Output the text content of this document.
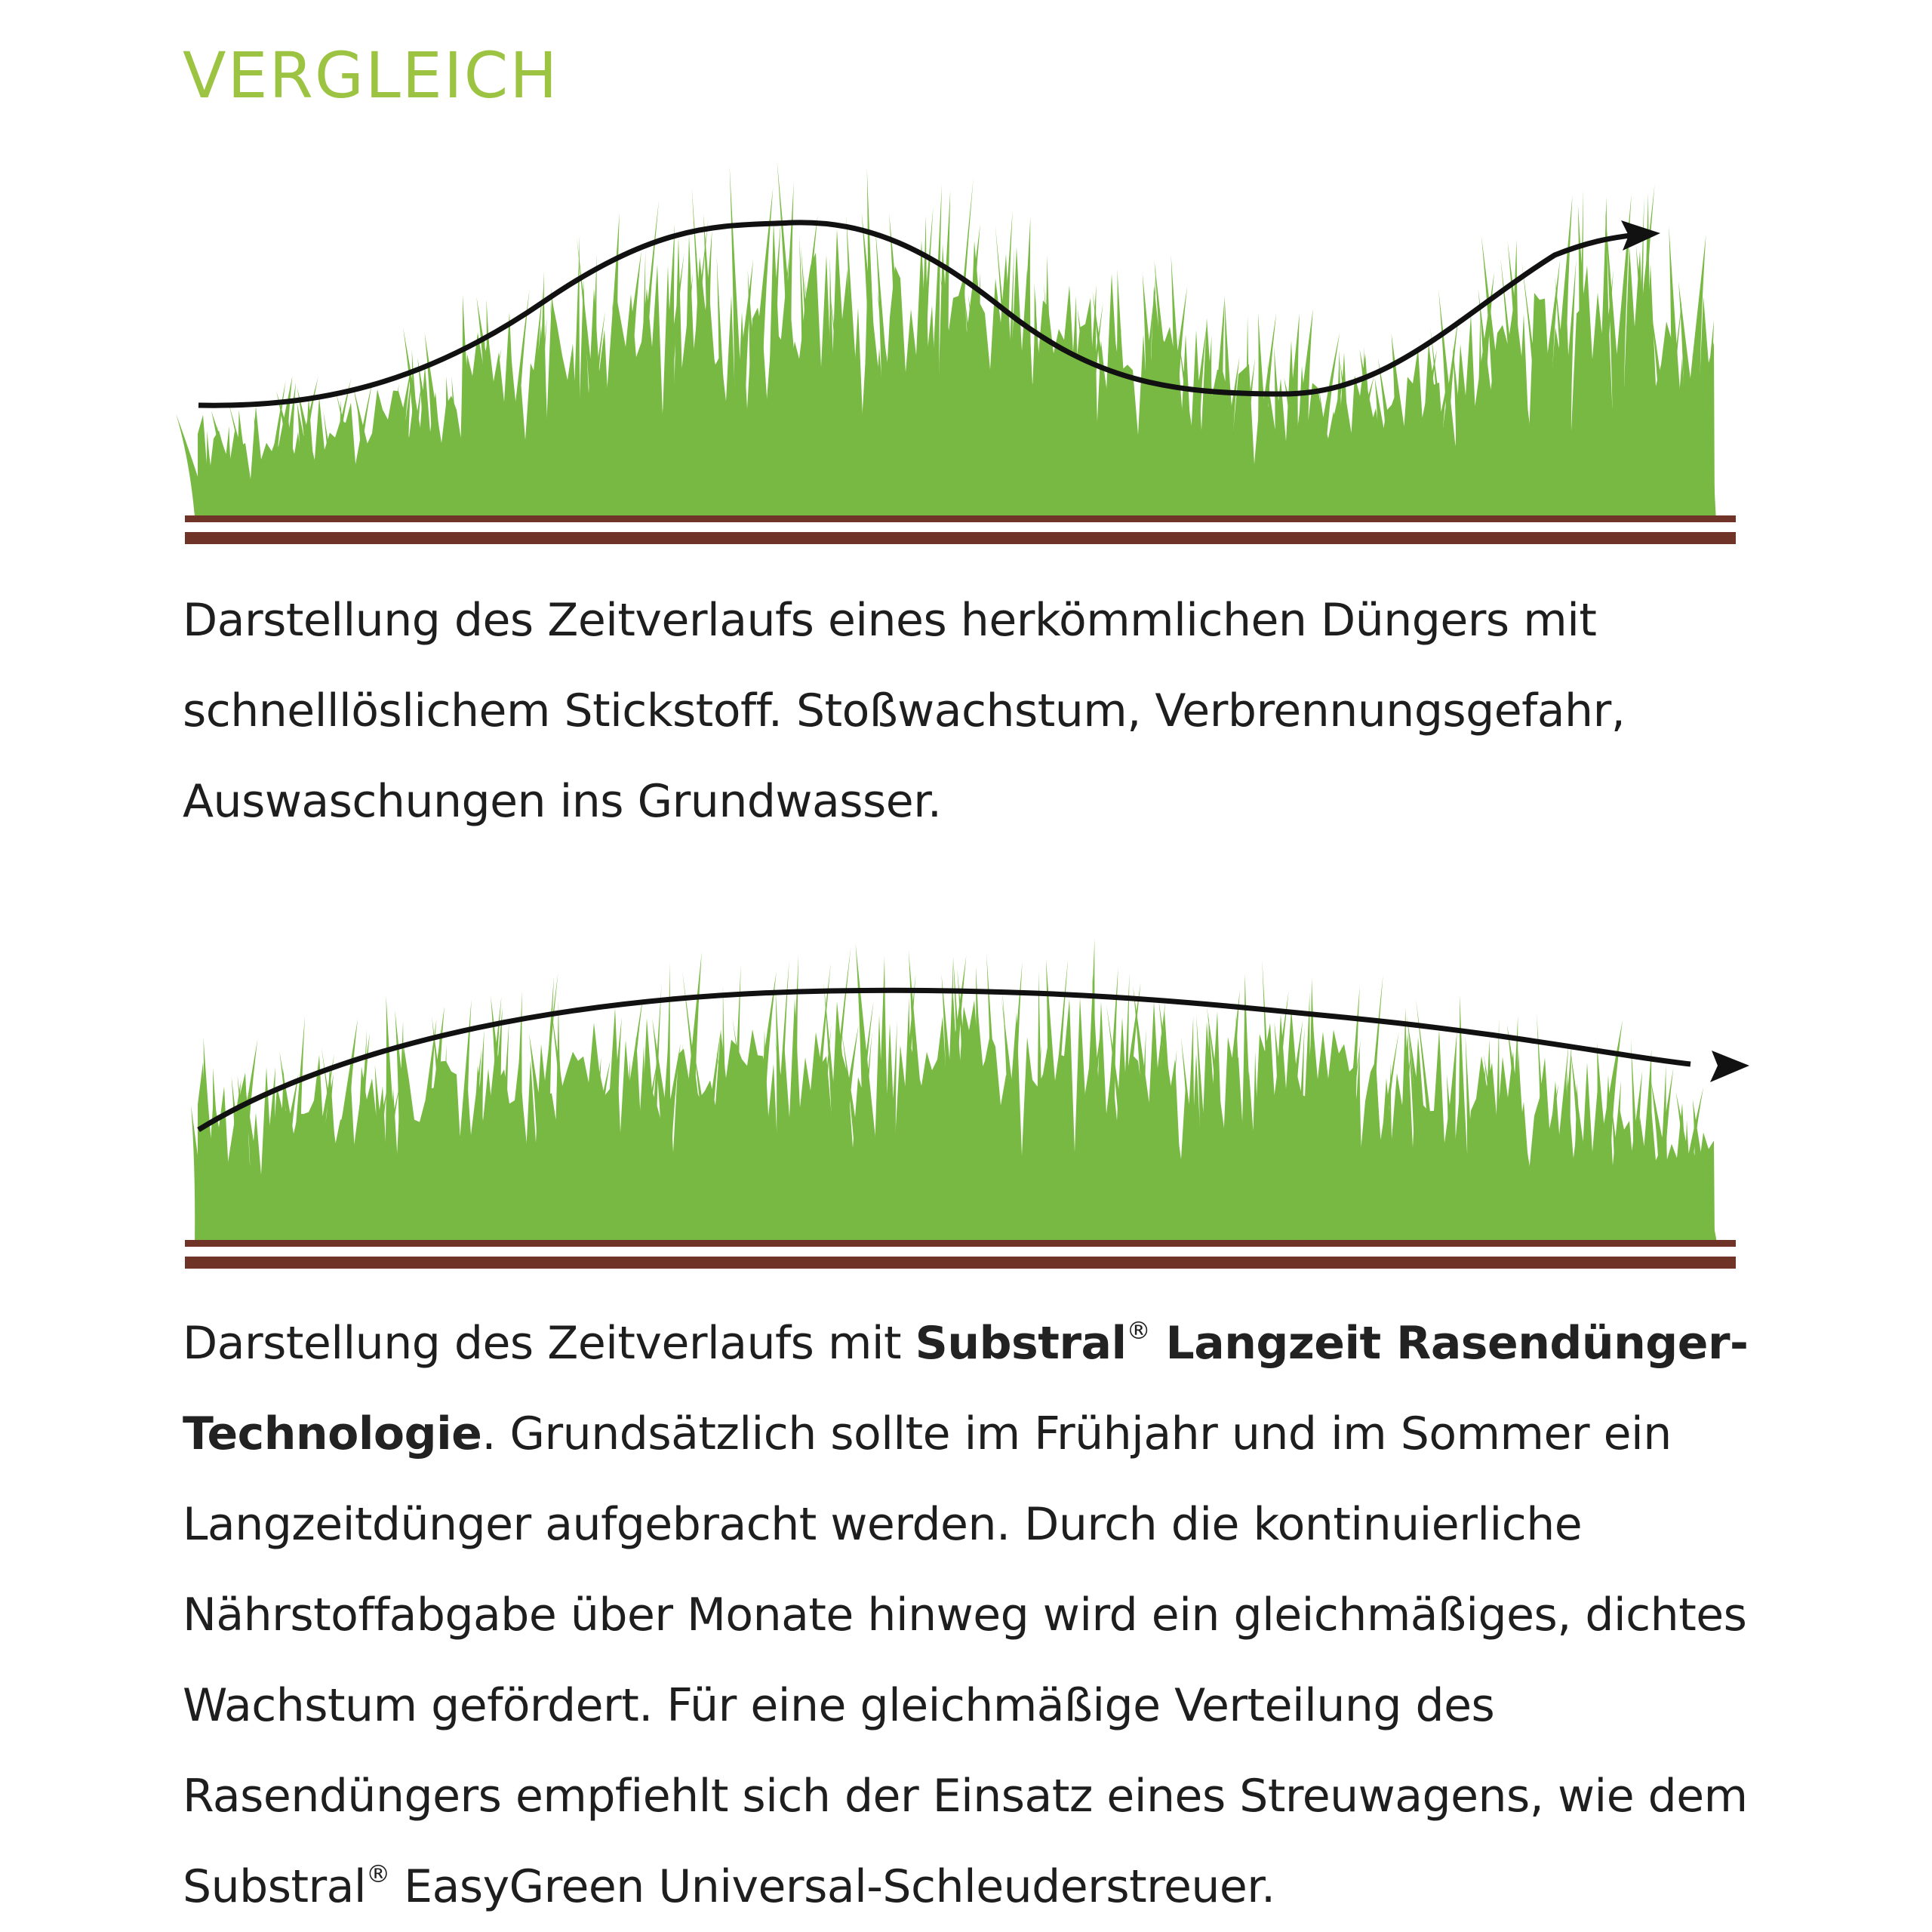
VERGLEICH

Darstellung des Zeitverlaufs eines herkömmlichen Düngers mit schnelllöslichem Stickstoff. Stoßwachstum, Verbrennungsgefahr, Auswaschungen ins Grundwasser.

Darstellung des Zeitverlaufs mit Substral® Langzeit Rasendünger-Technologie. Grundsätzlich sollte im Frühjahr und im Sommer ein Langzeitdünger aufgebracht werden. Durch die kontinuierliche Nährstoffabgabe über Monate hinweg wird ein gleichmäßiges, dichtes Wachstum gefördert. Für eine gleichmäßige Verteilung des Rasendüngers empfiehlt sich der Einsatz eines Streuwagens, wie dem Substral® EasyGreen Universal-Schleuderstreuer.
